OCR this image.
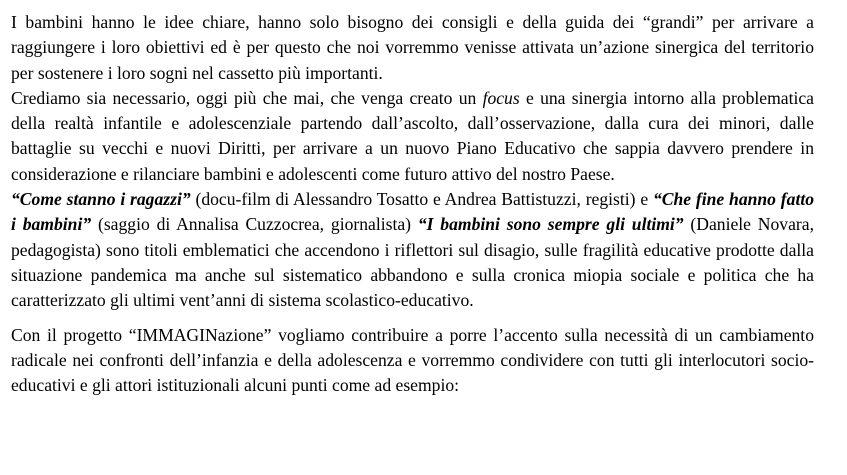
I bambini hanno le idee chiare, hanno solo bisogno dei consigli e della guida dei “grandi” per arrivare a raggiungere i loro obiettivi ed è per questo che noi vorremmo venisse attivata un’azione sinergica del territorio per sostenere i loro sogni nel cassetto più importanti.

Crediamo sia necessario, oggi più che mai, che venga creato un focus e una sinergia intorno alla problematica della realtà infantile e adolescenziale partendo dall’ascolto, dall’osservazione, dalla cura dei minori, dalle battaglie su vecchi e nuovi Diritti, per arrivare a un nuovo Piano Educativo che sappia davvero prendere in considerazione e rilanciare bambini e adolescenti come futuro attivo del nostro Paese.

“Come stanno i ragazzi” (docu-film di Alessandro Tosatto e Andrea Battistuzzi, registi) e “Che fine hanno fatto i bambini” (saggio di Annalisa Cuzzocrea, giornalista) “I bambini sono sempre gli ultimi” (Daniele Novara, pedagogista) sono titoli emblematici che accendono i riflettori sul disagio, sulle fragilità educative prodotte dalla situazione pandemica ma anche sul sistematico abbandono e sulla cronica miopia sociale e politica che ha caratterizzato gli ultimi vent’anni di sistema scolastico-educativo.

Con il progetto “IMMAGINazione” vogliamo contribuire a porre l’accento sulla necessità di un cambiamento radicale nei confronti dell’infanzia e della adolescenza e vorremmo condividere con tutti gli interlocutori socio-educativi e gli attori istituzionali alcuni punti come ad esempio:
